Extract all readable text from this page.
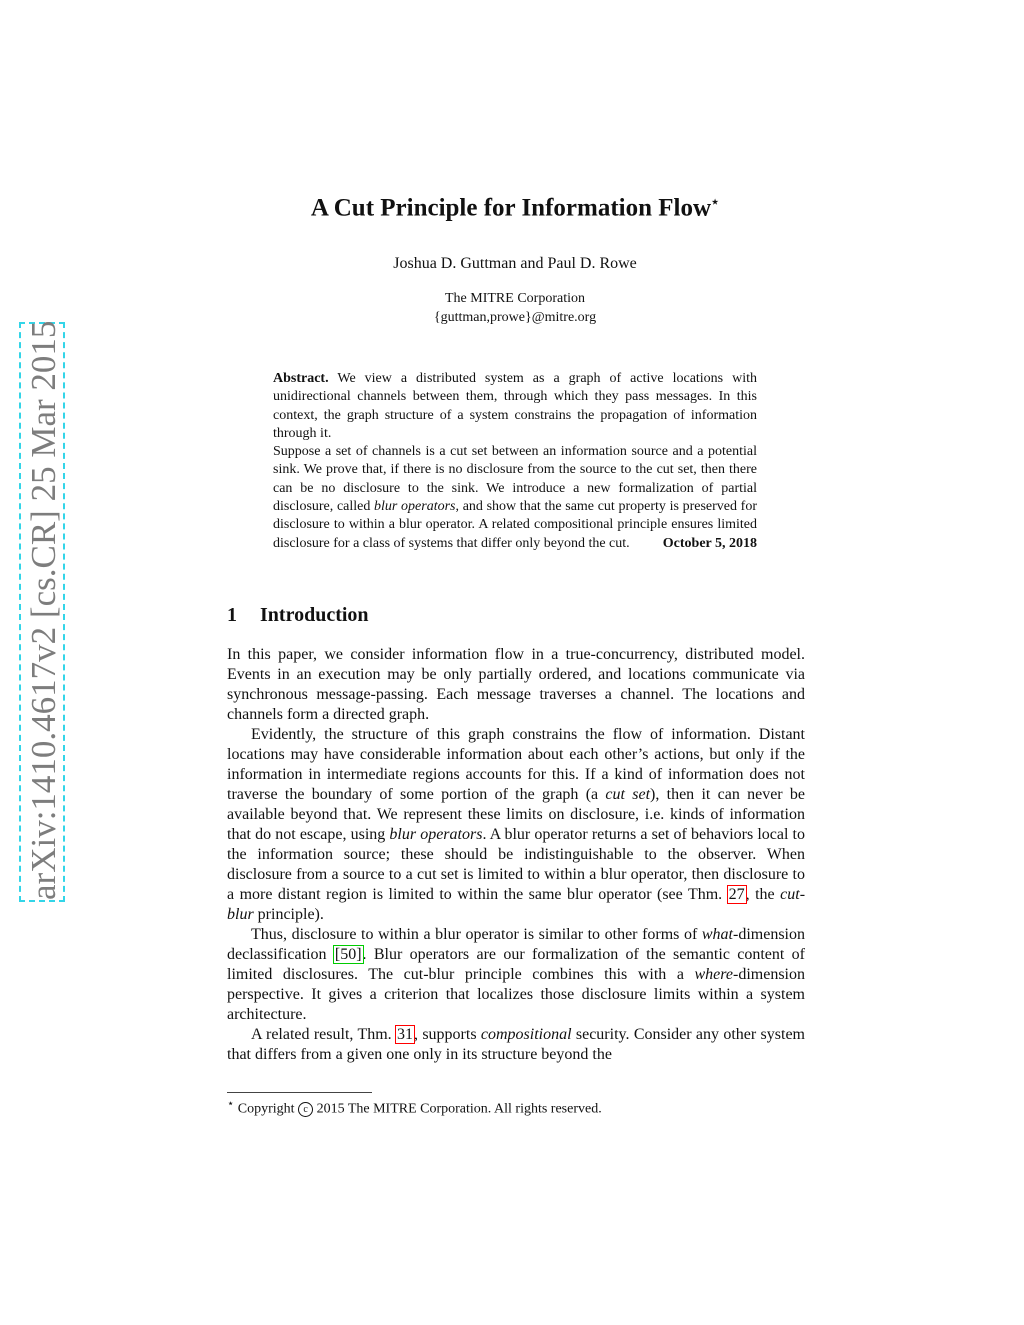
arXiv:1410.4617v2 [cs.CR] 25 Mar 2015
A Cut Principle for Information Flow⋆
Joshua D. Guttman and Paul D. Rowe
The MITRE Corporation
{guttman,prowe}@mitre.org

Abstract. We view a distributed system as a graph of active locations with unidirectional channels between them, through which they pass messages. In this context, the graph structure of a system constrains the propagation of information through it.

Suppose a set of channels is a cut set between an information source and a potential sink. We prove that, if there is no disclosure from the source to the cut set, then there can be no disclosure to the sink. We introduce a new formalization of partial disclosure, called blur operators, and show that the same cut property is preserved for disclosure to within a blur operator. A related compositional principle ensures limited disclosure for a class of systems that differ only beyond the cut. October 5, 2018

1 Introduction

In this paper, we consider information flow in a true-concurrency, distributed model. Events in an execution may be only partially ordered, and locations communicate via synchronous message-passing. Each message traverses a channel. The locations and channels form a directed graph.

Evidently, the structure of this graph constrains the flow of information. Distant locations may have considerable information about each other’s actions, but only if the information in intermediate regions accounts for this. If a kind of information does not traverse the boundary of some portion of the graph (a cut set), then it can never be available beyond that. We represent these limits on disclosure, i.e. kinds of information that do not escape, using blur operators. A blur operator returns a set of behaviors local to the information source; these should be indistinguishable to the observer. When disclosure from a source to a cut set is limited to within a blur operator, then disclosure to a more distant region is limited to within the same blur operator (see Thm. 27, the cut-blur principle).

Thus, disclosure to within a blur operator is similar to other forms of what-dimension declassification [50]. Blur operators are our formalization of the semantic content of limited disclosures. The cut-blur principle combines this with a where-dimension perspective. It gives a criterion that localizes those disclosure limits within a system architecture.

A related result, Thm. 31, supports compositional security. Consider any other system that differs from a given one only in its structure beyond the

⋆ Copyright c 2015 The MITRE Corporation. All rights reserved.
